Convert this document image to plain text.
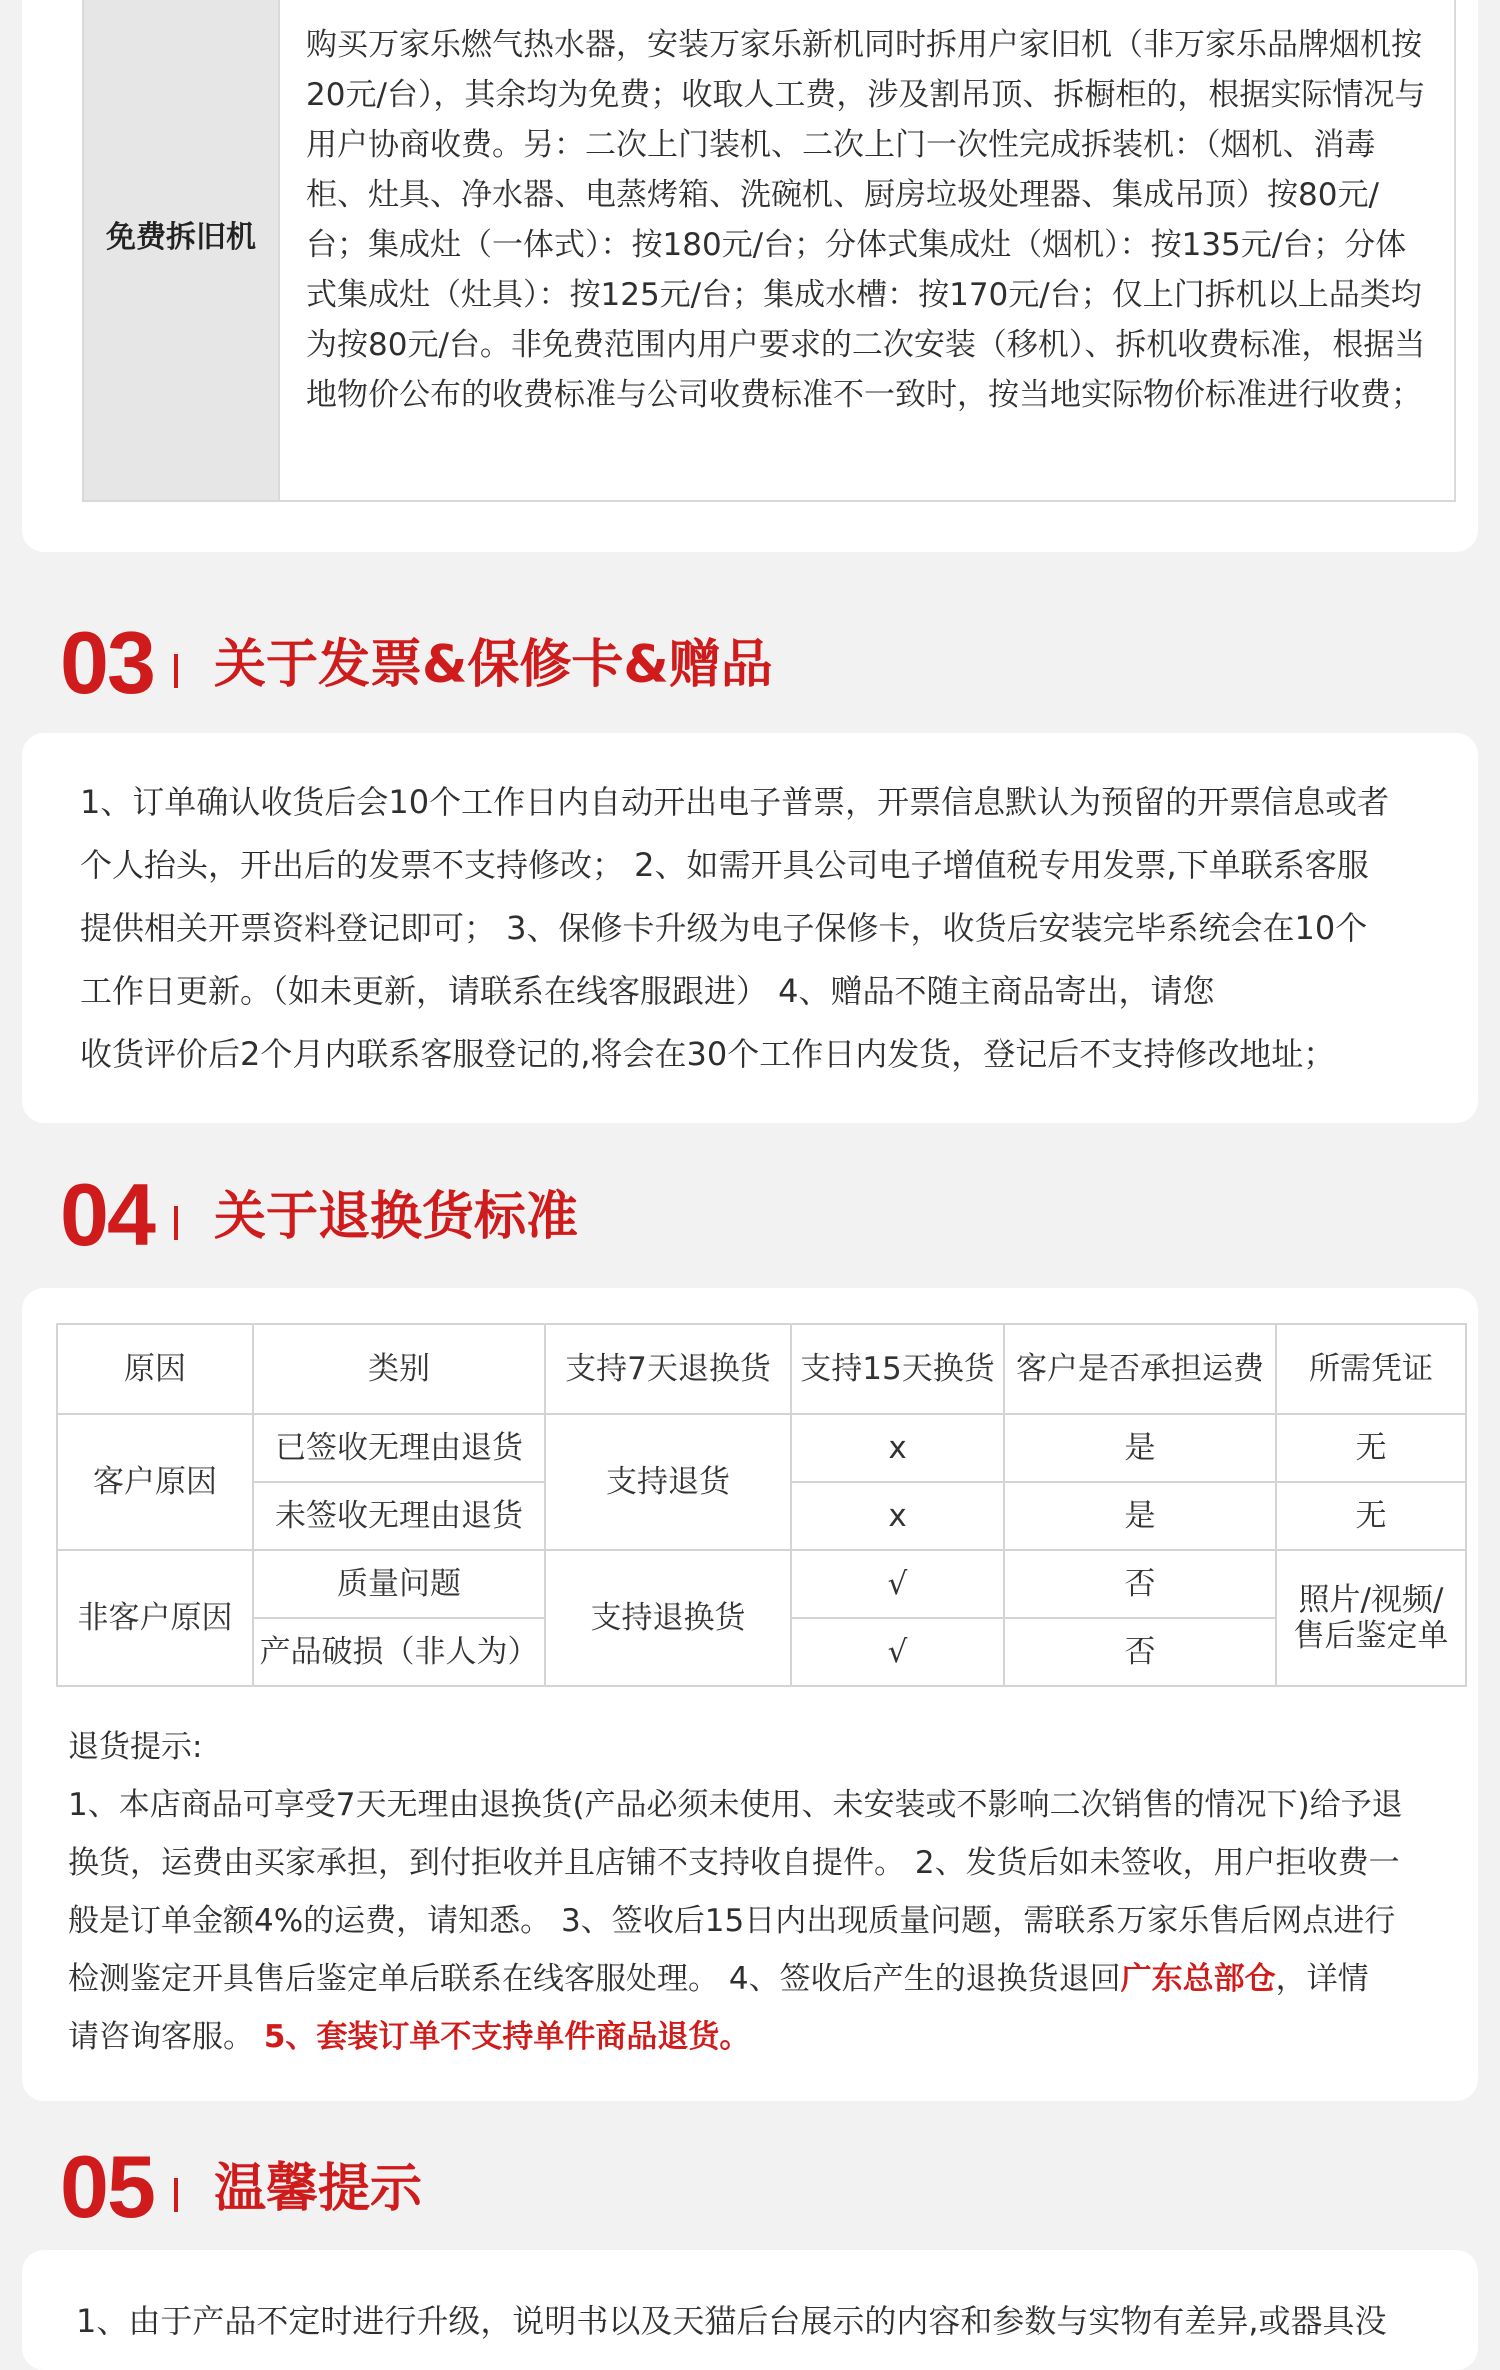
免费拆旧机
购买万家乐燃气热水器，安装万家乐新机同时拆用户家旧机（非万家乐品牌烟机按20元/台），其余均为免费；收取人工费，涉及割吊顶、拆橱柜的，根据实际情况与用户协商收费。另：二次上门装机、二次上门一次性完成拆装机：（烟机、消毒柜、灶具、净水器、电蒸烤箱、洗碗机、厨房垃圾处理器、集成吊顶）按80元/台；集成灶（一体式）：按180元/台；分体式集成灶（烟机）：按135元/台；分体式集成灶（灶具）：按125元/台；集成水槽：按170元/台；仅上门拆机以上品类均为按80元/台。非免费范围内用户要求的二次安装（移机）、拆机收费标准，根据当地物价公布的收费标准与公司收费标准不一致时，按当地实际物价标准进行收费；
03 关于发票&保修卡&赠品
1、订单确认收货后会10个工作日内自动开出电子普票，开票信息默认为预留的开票信息或者
个人抬头，开出后的发票不支持修改； 2、如需开具公司电子增值税专用发票,下单联系客服
提供相关开票资料登记即可； 3、保修卡升级为电子保修卡，收货后安装完毕系统会在10个
工作日更新。（如未更新，请联系在线客服跟进） 4、赠品不随主商品寄出，请您
收货评价后2个月内联系客服登记的,将会在30个工作日内发货，登记后不支持修改地址；
04 关于退换货标准
原因	类别	支持7天退换货	支持15天换货	客户是否承担运费	所需凭证
客户原因	已签收无理由退货	支持退货	x	是	无
	未签收无理由退货		x	是	无
非客户原因	质量问题	支持退换货	√	否	照片/视频/
售后鉴定单
	产品破损（非人为）		√	否	
退货提示:
1、本店商品可享受7天无理由退换货(产品必须未使用、未安装或不影响二次销售的情况下)给予退
换货，运费由买家承担，到付拒收并且店铺不支持收自提件。 2、发货后如未签收，用户拒收费一
般是订单金额4%的运费，请知悉。 3、签收后15日内出现质量问题，需联系万家乐售后网点进行
检测鉴定开具售后鉴定单后联系在线客服处理。 4、签收后产生的退换货退回广东总部仓，详情
请咨询客服。 5、套装订单不支持单件商品退货。
05 温馨提示
1、由于产品不定时进行升级，说明书以及天猫后台展示的内容和参数与实物有差异,或器具没
